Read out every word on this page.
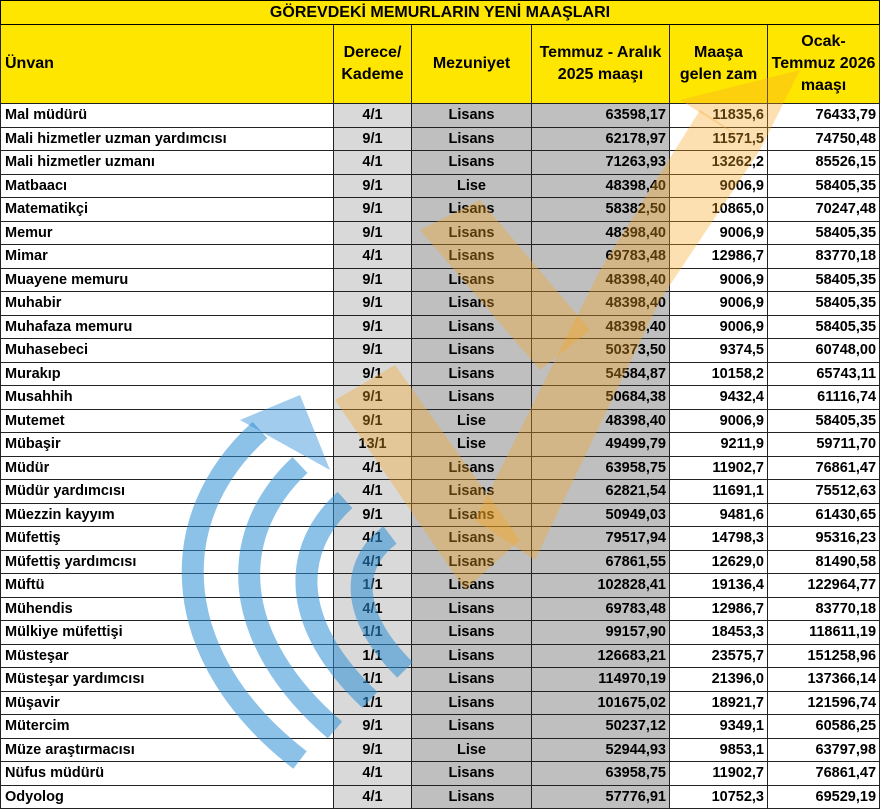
GÖREVDEKİ MEMURLARIN YENİ MAAŞLARI					
Ünvan	Derece/ Kademe	Mezuniyet	Temmuz - Aralık 2025 maaşı	Maaşa gelen zam	Ocak-Temmuz 2026 maaşı

Mal müdürü	4/1	Lisans	63598,17	11835,6	76433,79
Mali hizmetler uzman yardımcısı	9/1	Lisans	62178,97	11571,5	74750,48
Mali hizmetler uzmanı	4/1	Lisans	71263,93	13262,2	85526,15
Matbaacı	9/1	Lise	48398,40	9006,9	58405,35
Matematikçi	9/1	Lisans	58382,50	10865,0	70247,48
Memur	9/1	Lisans	48398,40	9006,9	58405,35
Mimar	4/1	Lisans	69783,48	12986,7	83770,18
Muayene memuru	9/1	Lisans	48398,40	9006,9	58405,35
Muhabir	9/1	Lisans	48398,40	9006,9	58405,35
Muhafaza memuru	9/1	Lisans	48398,40	9006,9	58405,35
Muhasebeci	9/1	Lisans	50373,50	9374,5	60748,00
Murakıp	9/1	Lisans	54584,87	10158,2	65743,11
Musahhih	9/1	Lisans	50684,38	9432,4	61116,74
Mutemet	9/1	Lise	48398,40	9006,9	58405,35
Mübaşir	13/1	Lise	49499,79	9211,9	59711,70
Müdür	4/1	Lisans	63958,75	11902,7	76861,47
Müdür yardımcısı	4/1	Lisans	62821,54	11691,1	75512,63
Müezzin kayyım	9/1	Lisans	50949,03	9481,6	61430,65
Müfettiş	4/1	Lisans	79517,94	14798,3	95316,23
Müfettiş yardımcısı	4/1	Lisans	67861,55	12629,0	81490,58
Müftü	1/1	Lisans	102828,41	19136,4	122964,77
Mühendis	4/1	Lisans	69783,48	12986,7	83770,18
Mülkiye müfettişi	1/1	Lisans	99157,90	18453,3	118611,19
Müsteşar	1/1	Lisans	126683,21	23575,7	151258,96
Müsteşar yardımcısı	1/1	Lisans	114970,19	21396,0	137366,14
Müşavir	1/1	Lisans	101675,02	18921,7	121596,74
Mütercim	9/1	Lisans	50237,12	9349,1	60586,25
Müze araştırmacısı	9/1	Lise	52944,93	9853,1	63797,98
Nüfus müdürü	4/1	Lisans	63958,75	11902,7	76861,47
Odyolog	4/1	Lisans	57776,91	10752,3	69529,19
